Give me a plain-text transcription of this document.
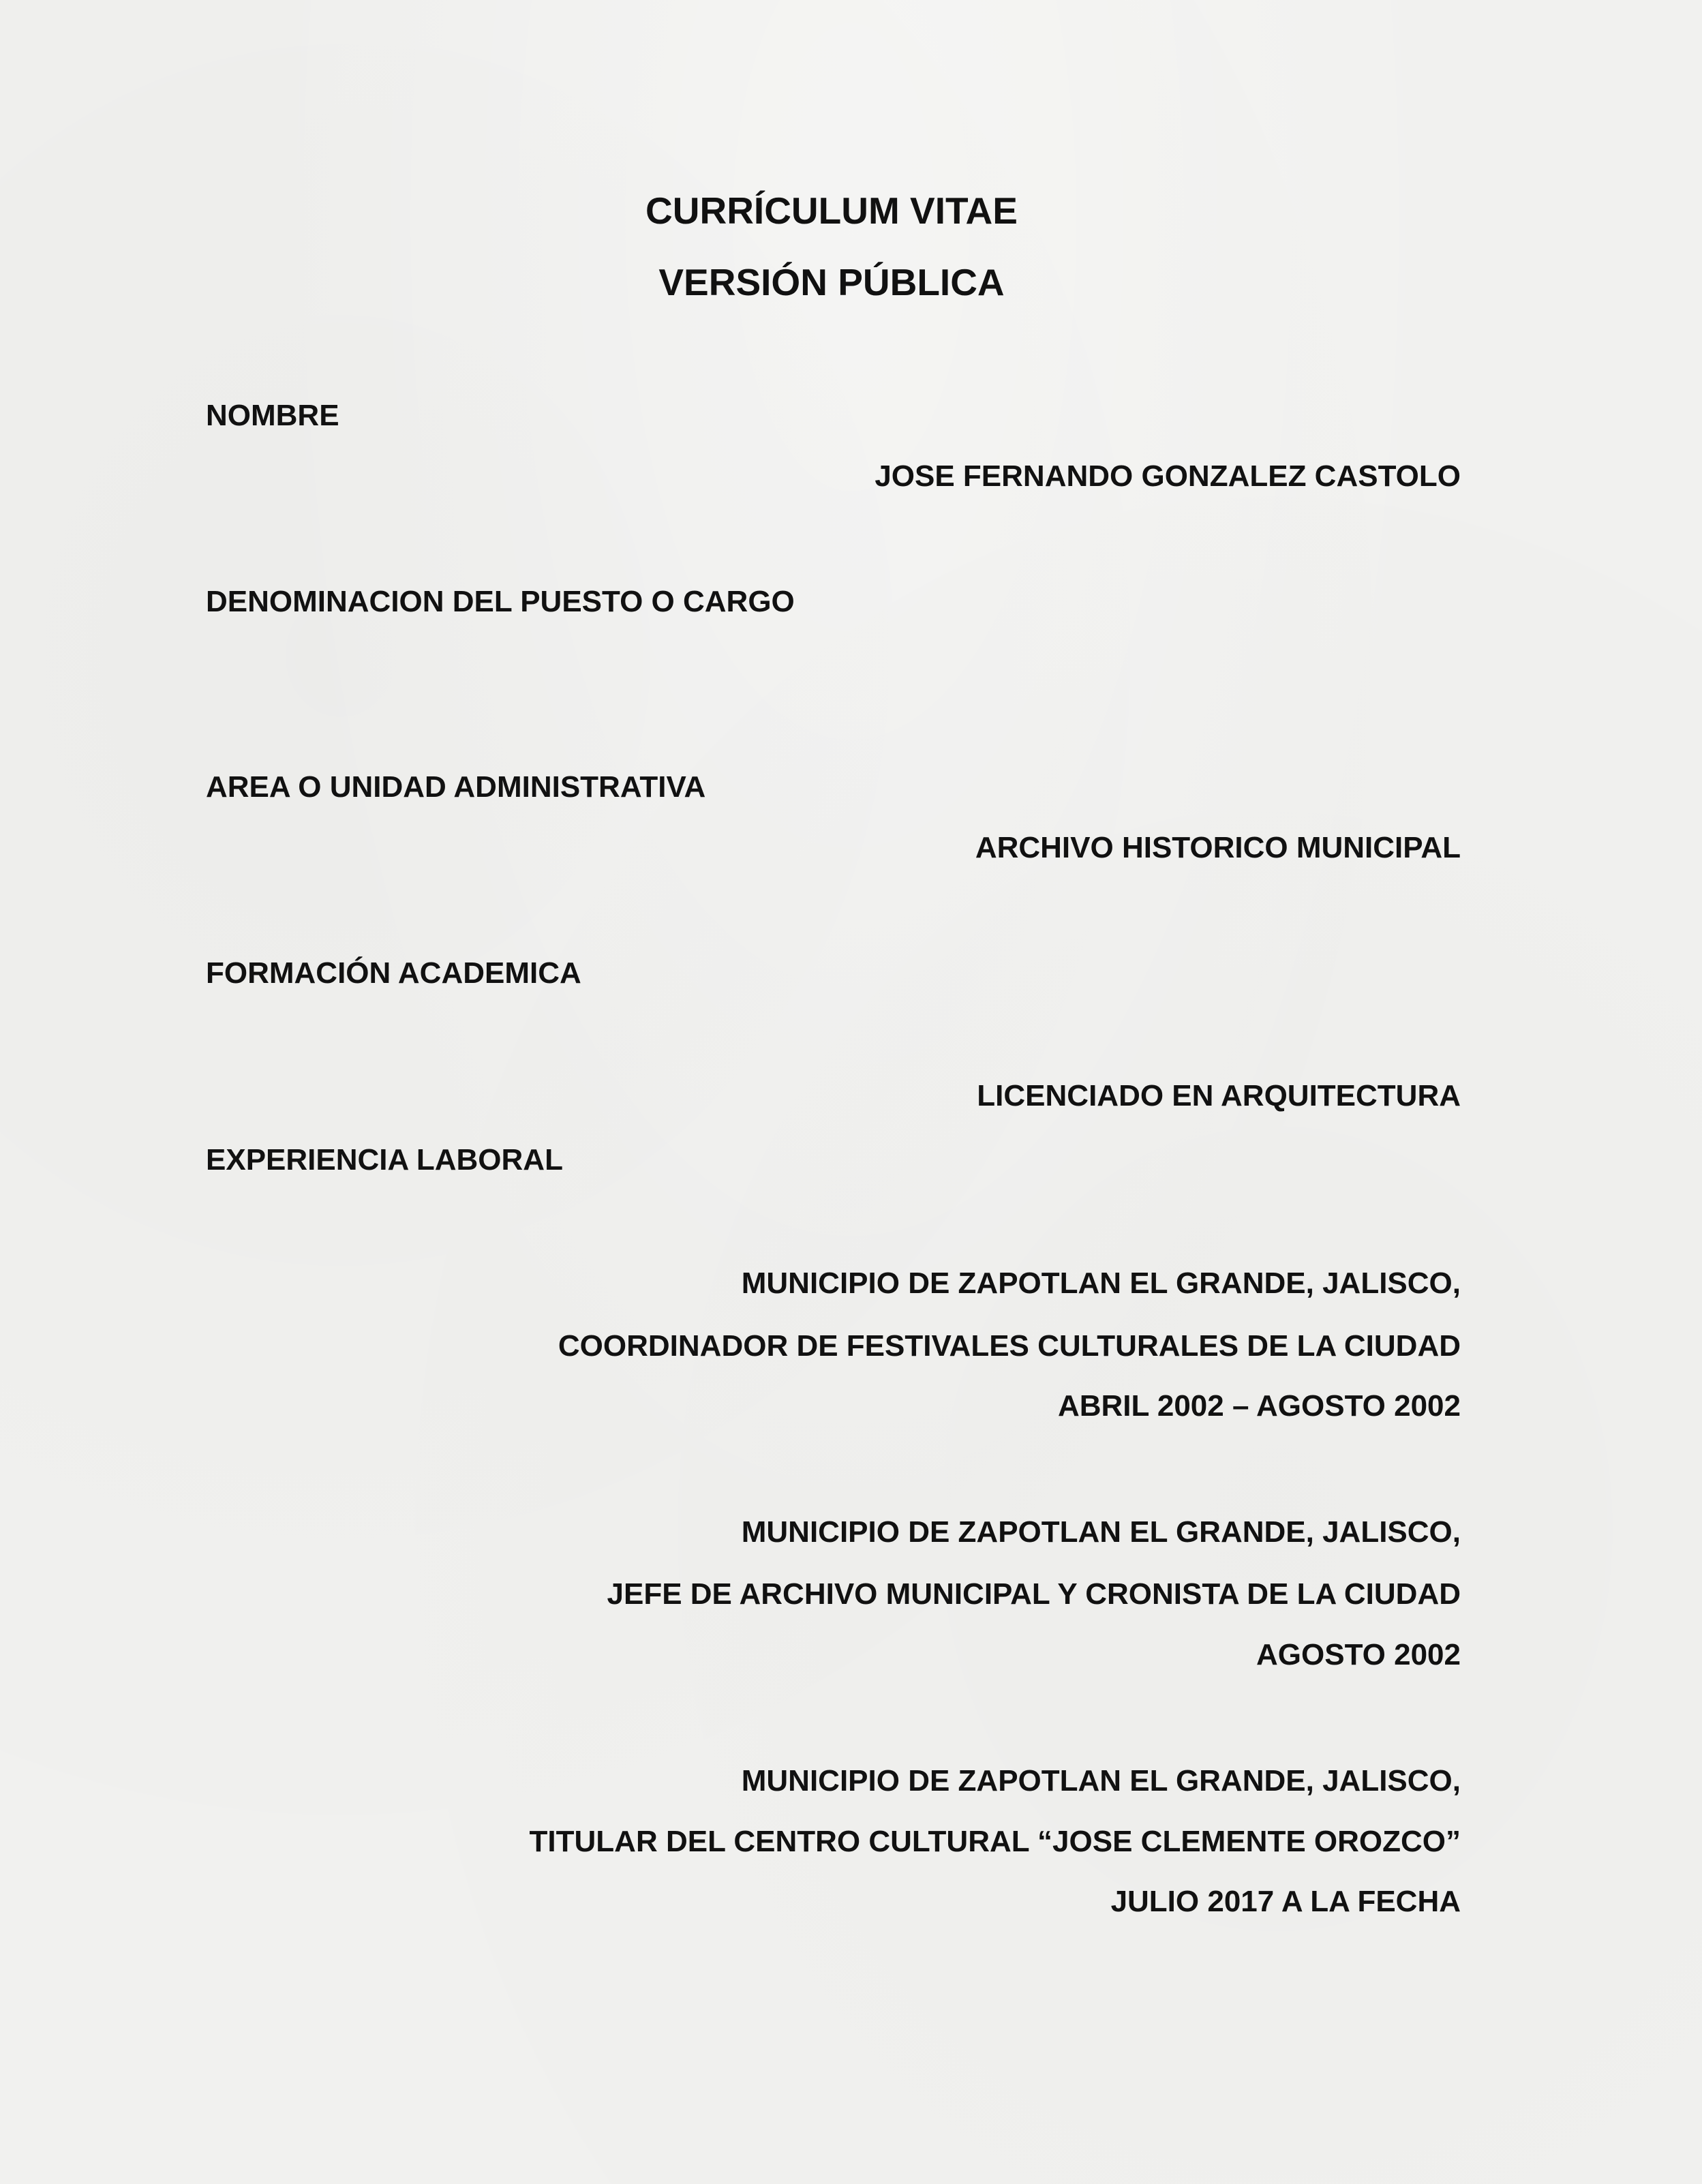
CURRÍCULUM VITAE
VERSIÓN PÚBLICA
NOMBRE
JOSE FERNANDO GONZALEZ CASTOLO
DENOMINACION DEL PUESTO O CARGO
AREA O UNIDAD ADMINISTRATIVA
ARCHIVO HISTORICO MUNICIPAL
FORMACIÓN ACADEMICA
LICENCIADO EN ARQUITECTURA
EXPERIENCIA LABORAL
MUNICIPIO DE ZAPOTLAN EL GRANDE, JALISCO,
COORDINADOR DE FESTIVALES CULTURALES DE LA CIUDAD
ABRIL 2002 – AGOSTO 2002
MUNICIPIO DE ZAPOTLAN EL GRANDE, JALISCO,
JEFE DE ARCHIVO MUNICIPAL Y CRONISTA DE LA CIUDAD
AGOSTO 2002
MUNICIPIO DE ZAPOTLAN EL GRANDE, JALISCO,
TITULAR DEL CENTRO CULTURAL “JOSE CLEMENTE OROZCO”
JULIO 2017 A LA FECHA
